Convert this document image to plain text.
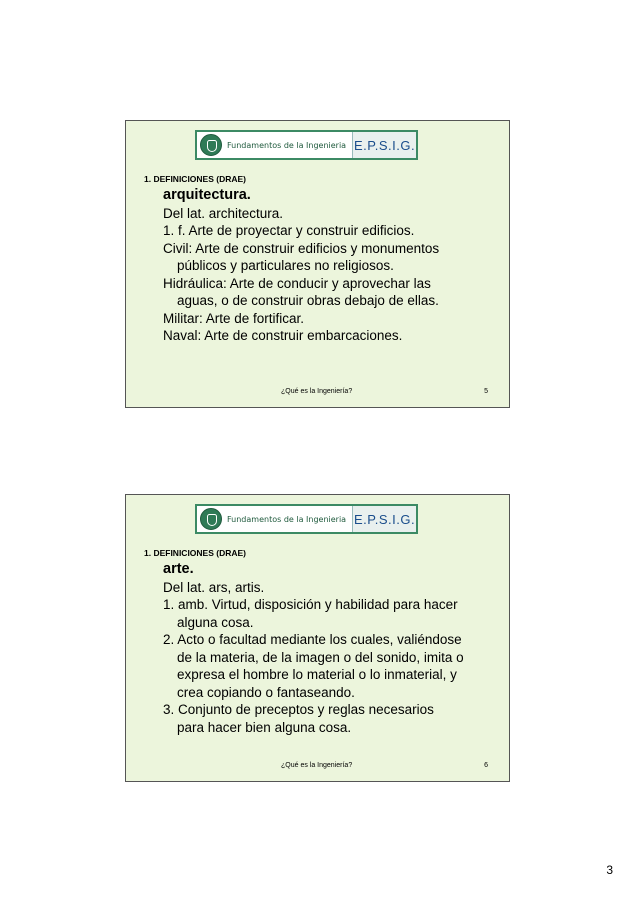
Fundamentos de la Ingenieria E.P.S.I.G.
1. DEFINICIONES (DRAE)
arquitectura.
Del lat. architectura.
1. f. Arte de proyectar y construir edificios.
Civil: Arte de construir edificios y monumentos
públicos y particulares no religiosos.
Hidráulica: Arte de conducir y aprovechar las
aguas, o de construir obras debajo de ellas.
Militar: Arte de fortificar.
Naval: Arte de construir embarcaciones.
¿Qué es la Ingeniería?	5
Fundamentos de la Ingenieria E.P.S.I.G.
1. DEFINICIONES (DRAE)
arte.
Del lat. ars, artis.
1. amb. Virtud, disposición y habilidad para hacer
alguna cosa.
2. Acto o facultad mediante los cuales, valiéndose
de la materia, de la imagen o del sonido, imita o
expresa el hombre lo material o lo inmaterial, y
crea copiando o fantaseando.
3. Conjunto de preceptos y reglas necesarios
para hacer bien alguna cosa.
¿Qué es la Ingeniería?	6
3
